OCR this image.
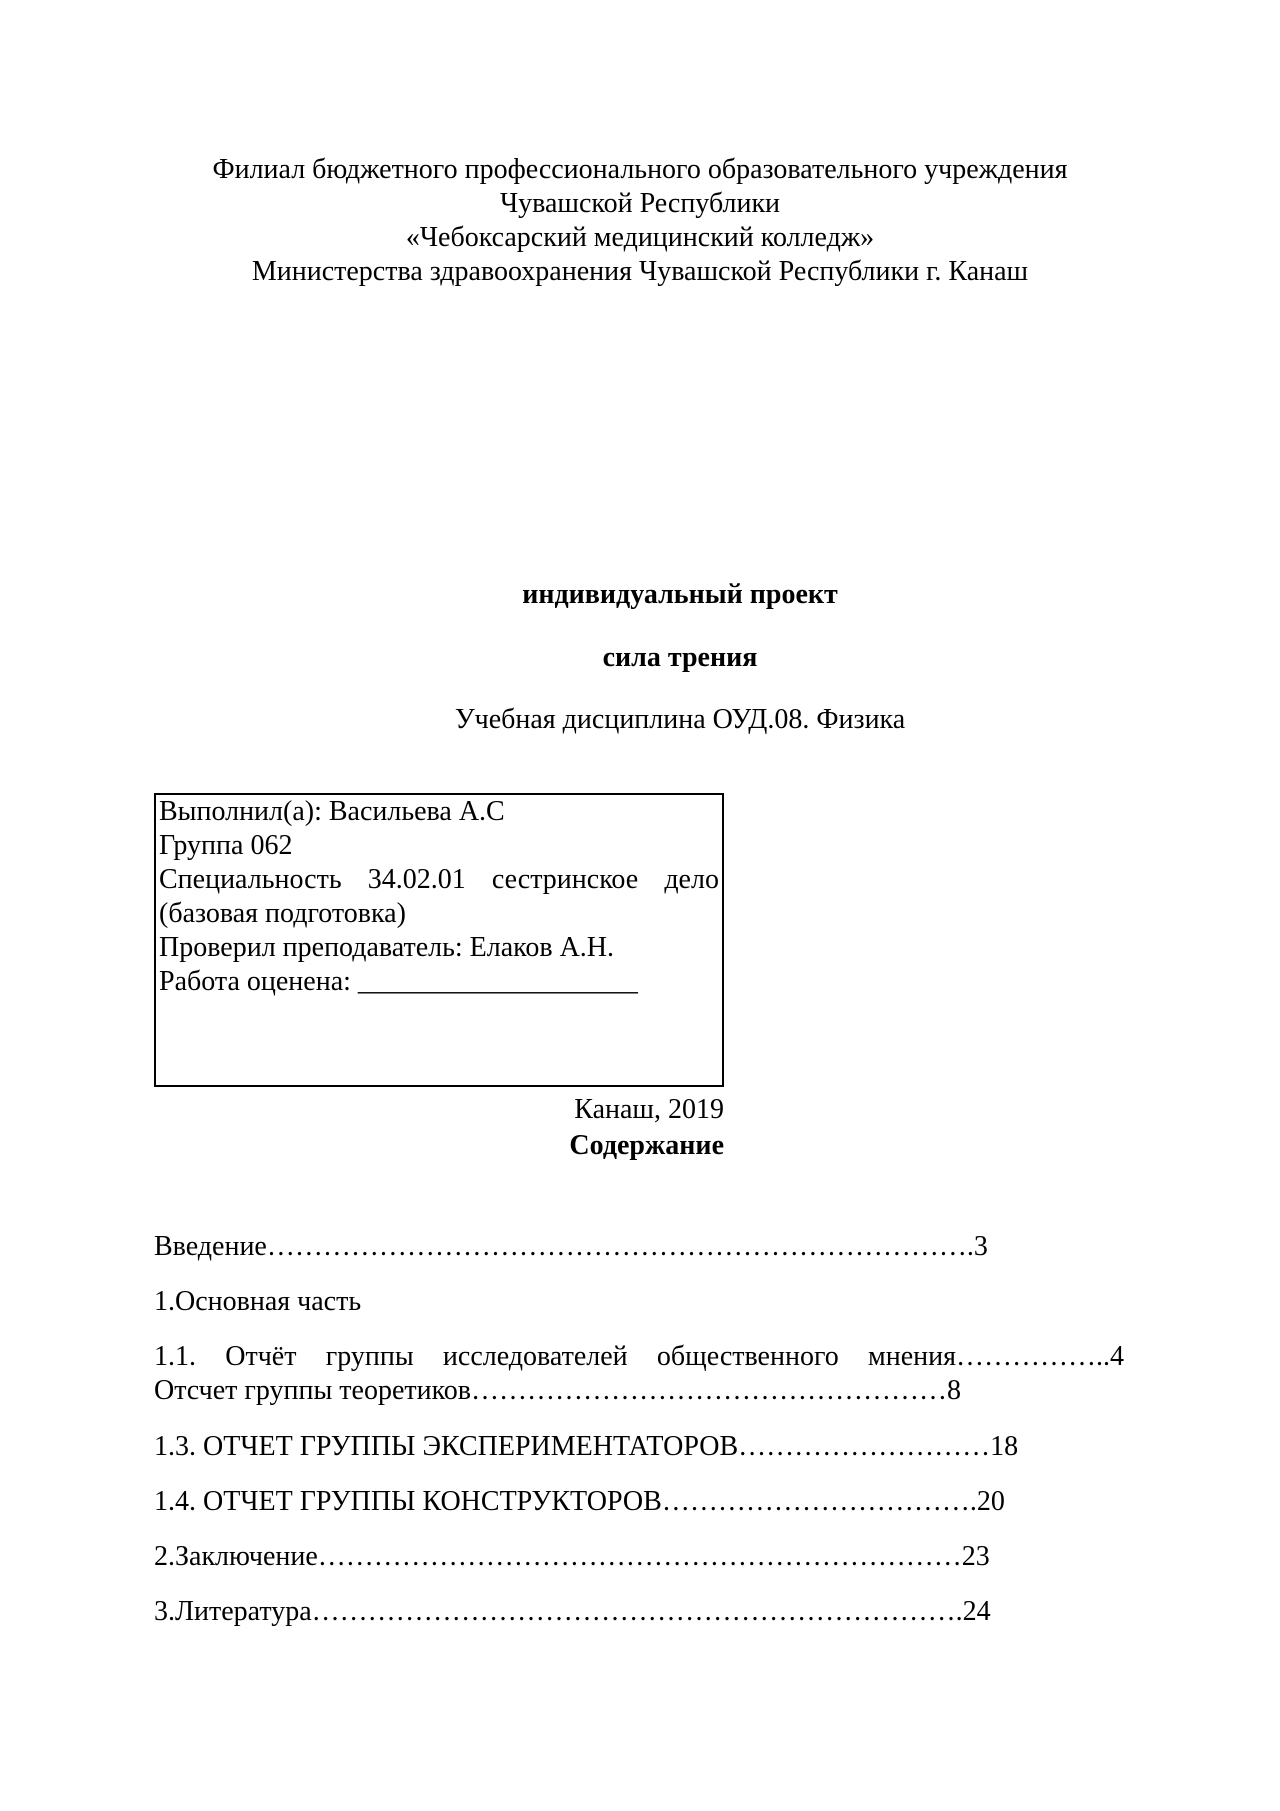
Филиал бюджетного профессионального образовательного учреждения
Чувашской Республики
«Чебоксарский медицинский колледж»
Министерства здравоохранения Чувашской Республики г. Канаш
индивидуальный проект
сила трения
Учебная дисциплина ОУД.08. Физика
Выполнил(а): Васильева А.С
Группа 062
Специальность 34.02.01 сестринское дело
(базовая подготовка)
Проверил преподаватель: Елаков А.Н.
Работа оценена: ____________________
Канаш, 2019
Содержание
Введение………………………………………………………………….3
1.Основная часть
1.1. Отчёт группы исследователей общественного мнения……………..4
Отсчет группы теоретиков……………………………………………8
1.3. ОТЧЕТ ГРУППЫ ЭКСПЕРИМЕНТАТОРОВ………………………18
1.4. ОТЧЕТ ГРУППЫ КОНСТРУКТОРОВ…………………………….20
2.Заключение……………………………………………………………23
3.Литература…………………………………………………………….24
